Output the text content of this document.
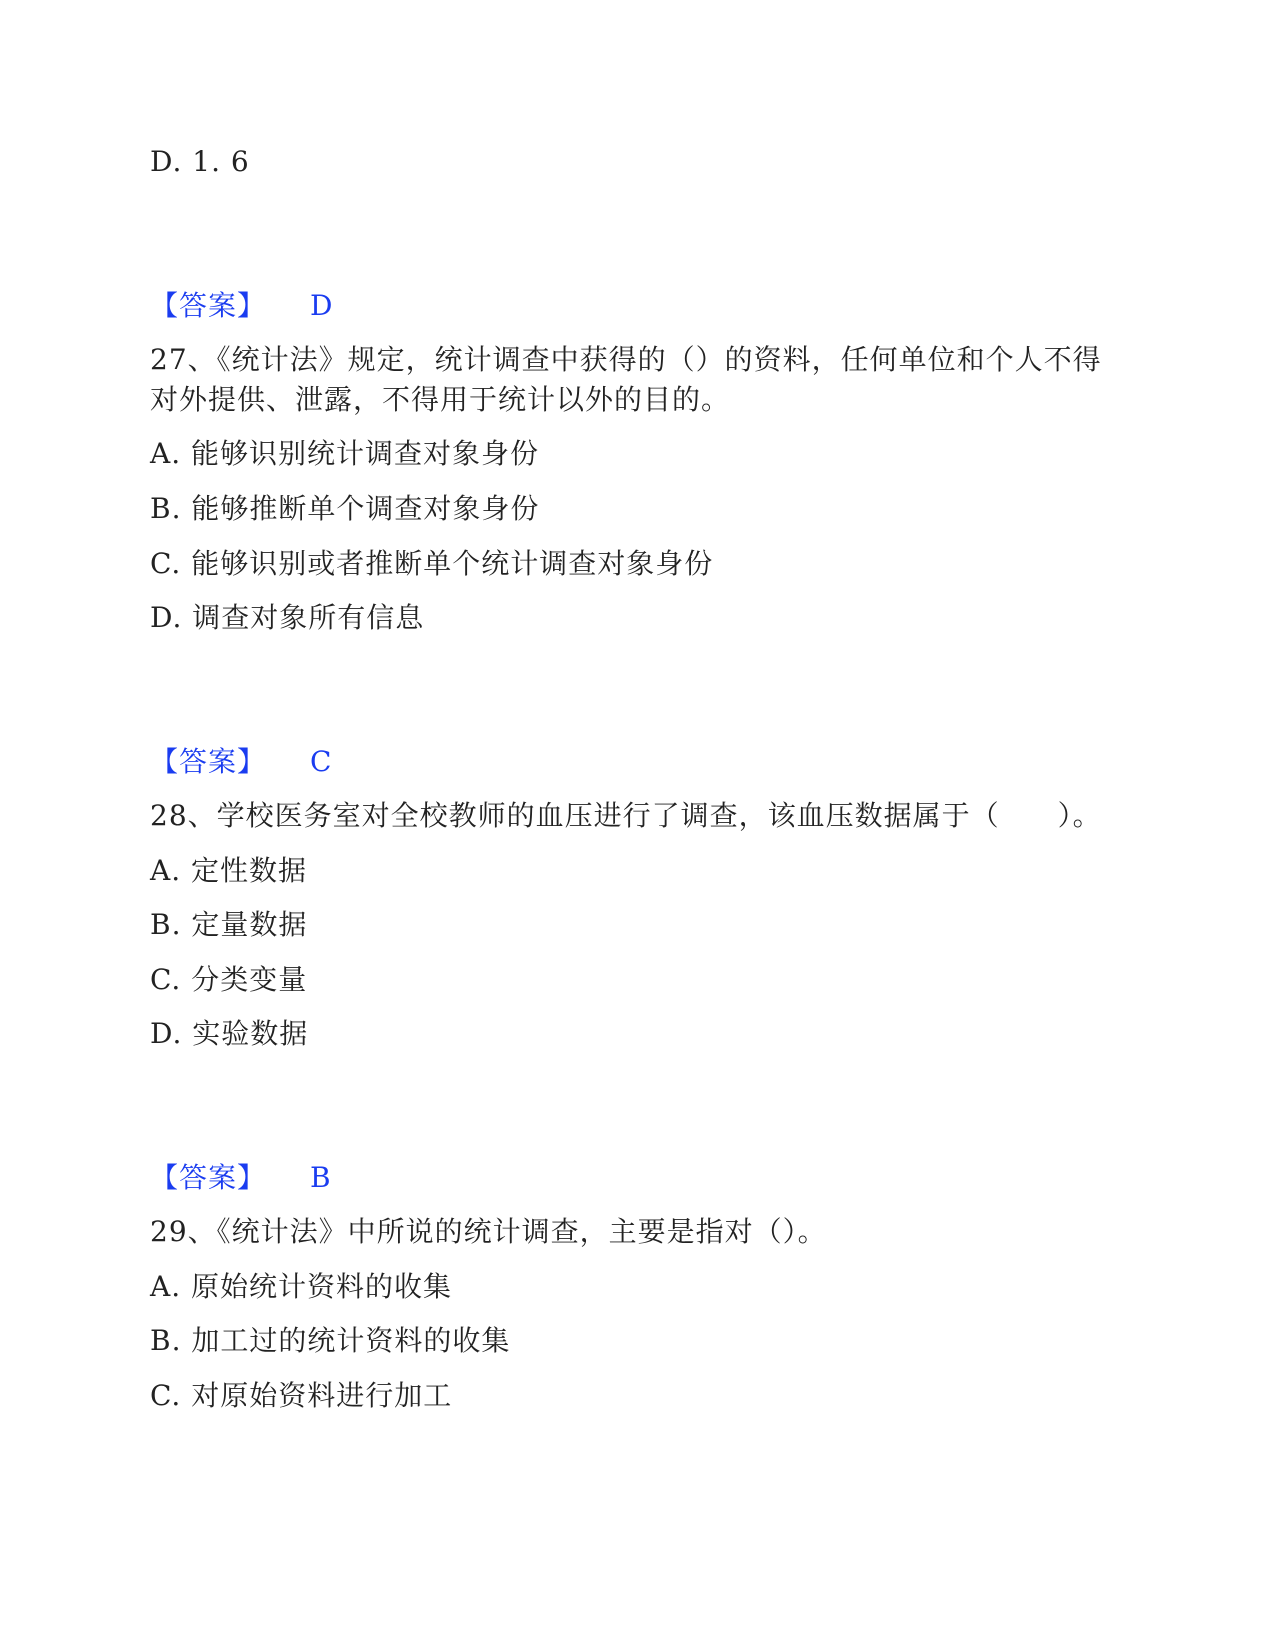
D. 1. 6
【答案】 D
27、《统计法》规定，统计调查中获得的（）的资料，任何单位和个人不得
对外提供、泄露，不得用于统计以外的目的。
A. 能够识别统计调查对象身份
B. 能够推断单个调查对象身份
C. 能够识别或者推断单个统计调查对象身份
D. 调查对象所有信息
【答案】 C
28、学校医务室对全校教师的血压进行了调查，该血压数据属于（　　）。
A. 定性数据
B. 定量数据
C. 分类变量
D. 实验数据
【答案】 B
29、《统计法》中所说的统计调查，主要是指对（）。
A. 原始统计资料的收集
B. 加工过的统计资料的收集
C. 对原始资料进行加工
